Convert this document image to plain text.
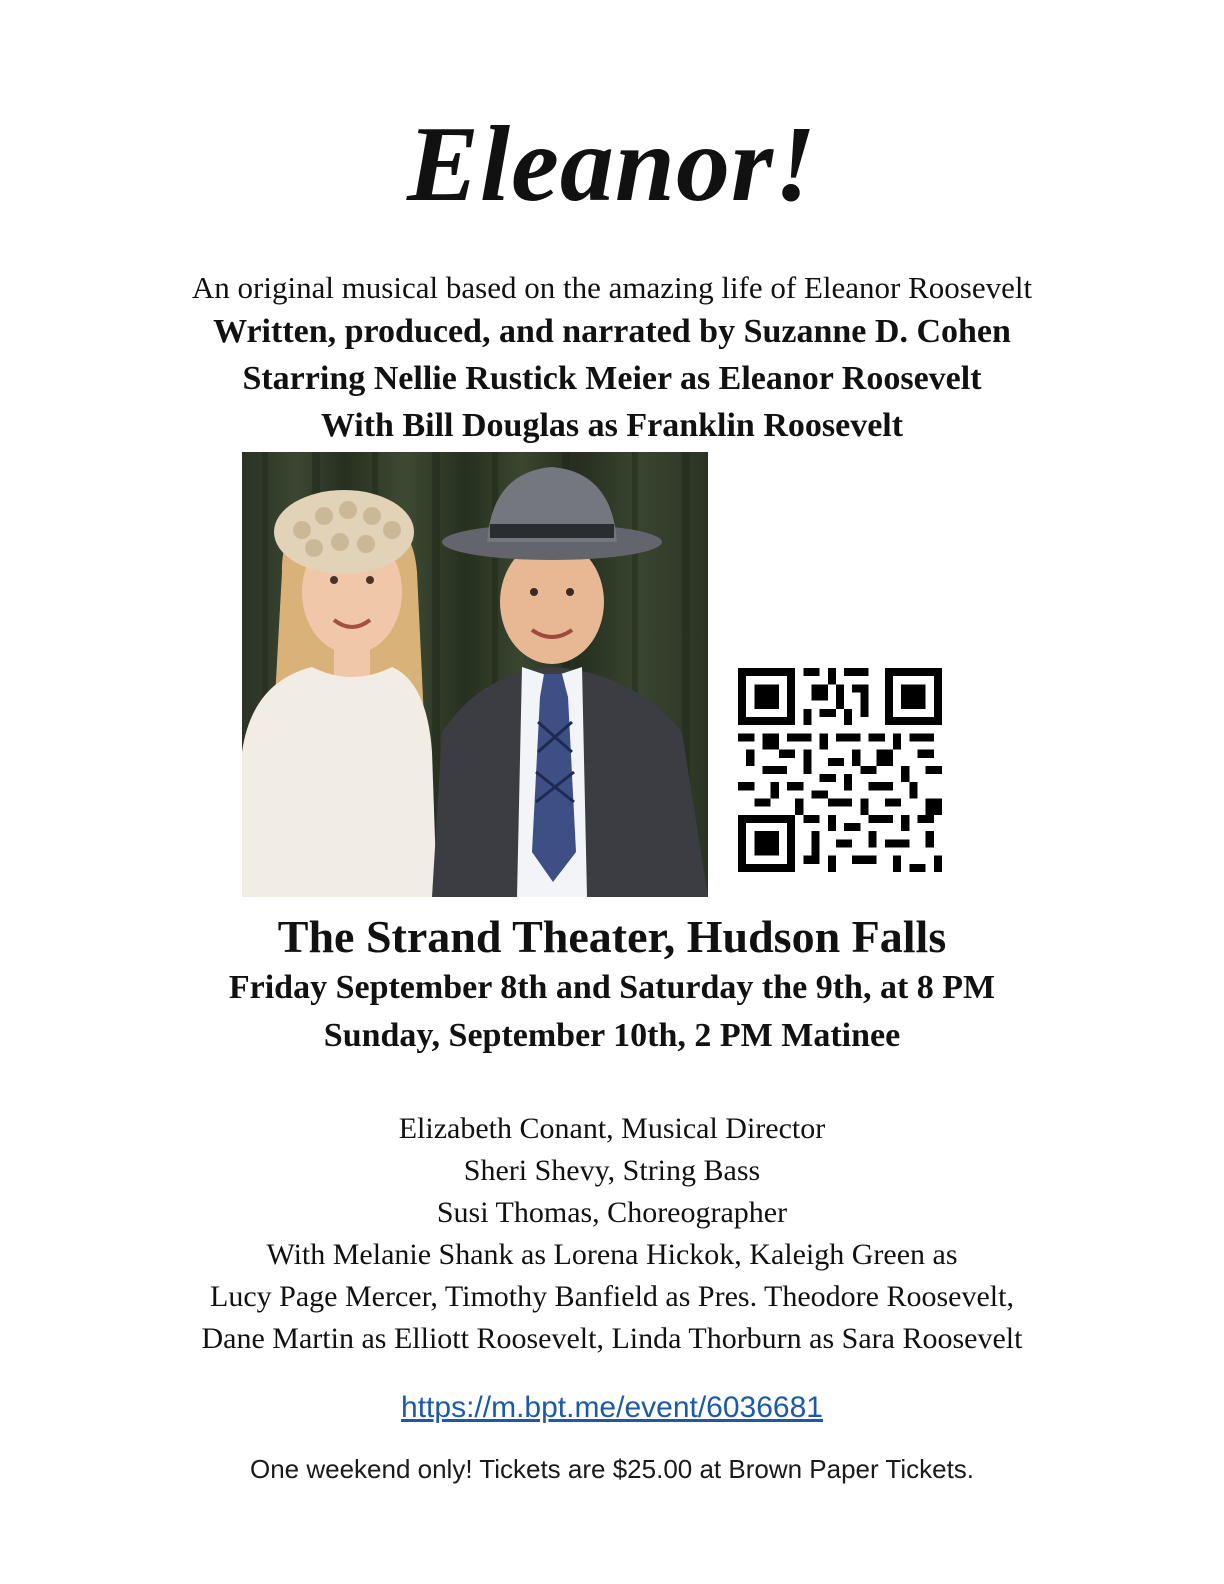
Eleanor!
An original musical based on the amazing life of Eleanor Roosevelt
Written, produced, and narrated by Suzanne D. Cohen
Starring Nellie Rustick Meier as Eleanor Roosevelt
With Bill Douglas as Franklin Roosevelt
The Strand Theater, Hudson Falls
Friday September 8th and Saturday the 9th, at 8 PM
Sunday, September 10th, 2 PM Matinee
Elizabeth Conant, Musical Director
Sheri Shevy, String Bass
Susi Thomas, Choreographer
With Melanie Shank as Lorena Hickok, Kaleigh Green as
Lucy Page Mercer, Timothy Banfield as Pres. Theodore Roosevelt,
Dane Martin as Elliott Roosevelt, Linda Thorburn as Sara Roosevelt
https://m.bpt.me/event/6036681
One weekend only! Tickets are $25.00 at Brown Paper Tickets.
